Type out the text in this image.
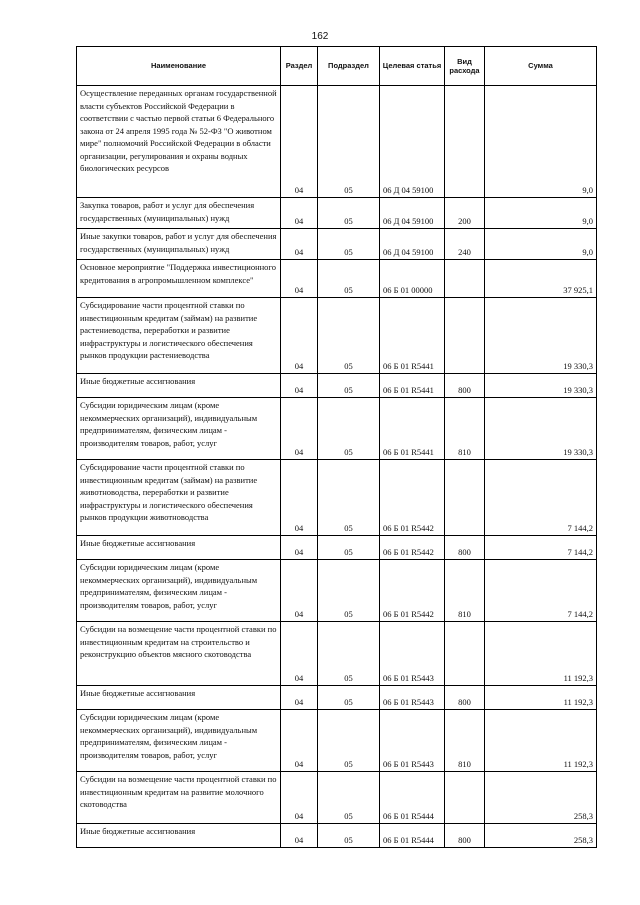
162
Наименование	Раздел	Подраздел	Целевая статья	Вид расхода	Сумма
Осуществление переданных органам государственной власти субъектов Российской Федерации в соответствии с частью первой статьи 6 Федерального закона от 24 апреля 1995 года № 52-ФЗ "О животном мире" полномочий Российской Федерации в области организации, регулирования и охраны водных биологических ресурсов	04	05	06 Д 04 59100		9,0
Закупка товаров, работ и услуг для обеспечения государственных (муниципальных) нужд	04	05	06 Д 04 59100	200	9,0
Иные закупки товаров, работ и услуг для обеспечения государственных (муниципальных) нужд	04	05	06 Д 04 59100	240	9,0
Основное мероприятие "Поддержка инвестиционного кредитования в агропромышленном комплексе"	04	05	06 Б 01 00000		37 925,1
Субсидирование части процентной ставки по инвестиционным кредитам (займам) на развитие растениеводства, переработки и развитие инфраструктуры и логистического обеспечения рынков продукции растениеводства	04	05	06 Б 01 R5441		19 330,3
Иные бюджетные ассигнования	04	05	06 Б 01 R5441	800	19 330,3
Субсидии юридическим лицам (кроме некоммерческих организаций), индивидуальным предпринимателям, физическим лицам - производителям товаров, работ, услуг	04	05	06 Б 01 R5441	810	19 330,3
Субсидирование части процентной ставки по инвестиционным кредитам (займам) на развитие животноводства, переработки и развитие инфраструктуры и логистического обеспечения рынков продукции животноводства	04	05	06 Б 01 R5442		7 144,2
Иные бюджетные ассигнования	04	05	06 Б 01 R5442	800	7 144,2
Субсидии юридическим лицам (кроме некоммерческих организаций), индивидуальным предпринимателям, физическим лицам - производителям товаров, работ, услуг	04	05	06 Б 01 R5442	810	7 144,2
Субсидии на возмещение части процентной ставки по инвестиционным кредитам на строительство и реконструкцию объектов мясного скотоводства	04	05	06 Б 01 R5443		11 192,3
Иные бюджетные ассигнования	04	05	06 Б 01 R5443	800	11 192,3
Субсидии юридическим лицам (кроме некоммерческих организаций), индивидуальным предпринимателям, физическим лицам - производителям товаров, работ, услуг	04	05	06 Б 01 R5443	810	11 192,3
Субсидии на возмещение части процентной ставки по инвестиционным кредитам на развитие молочного скотоводства	04	05	06 Б 01 R5444		258,3
Иные бюджетные ассигнования	04	05	06 Б 01 R5444	800	258,3
